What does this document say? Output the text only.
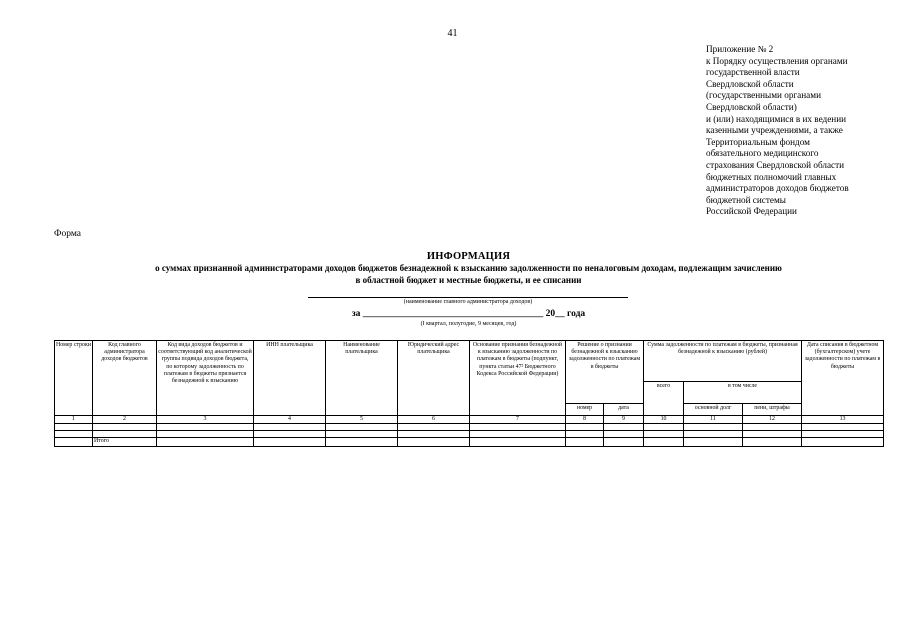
41
Приложение № 2
к Порядку осуществления органами
государственной власти
Свердловской области
(государственными органами
Свердловской области)
и (или) находящимися в их ведении
казенными учреждениями, а также
Территориальным фондом
обязательного медицинского
страхования Свердловской области
бюджетных полномочий главных
администраторов доходов бюджетов
бюджетной системы
Российской Федерации
Форма
ИНФОРМАЦИЯ
о суммах признанной администраторами доходов бюджетов безнадежной к взысканию задолженности по неналоговым доходам, подлежащим зачислению
в областной бюджет и местные бюджеты, и ее списании
(наименование главного администратора доходов)
за ______________________________________ 20__ года
(I квартал, полугодие, 9 месяцев, год)
Номер строки	Код главного администратора доходов бюджетов	Код вида доходов бюджетов и соответствующий код аналитической группы подвида доходов бюджета, по которому задолженность по платежам в бюджеты признается безнадежной к взысканию	ИНН плательщика	Наименование плательщика	Юридический адрес плательщика	Основание признания безнадежной к взысканию задолженности по платежам в бюджеты (подпункт, пункта статьи 47² Бюджетного Кодекса Российской Федерации)	Решение о признании безнадежной к взысканию задолженности по платежам в бюджеты		Сумма задолженности по платежам в бюджеты, признанная безнадежной к взысканию (рублей)			Дата списания в бюджетном (бухгалтерском) учете задолженности по платежам в бюджеты
									всего	в том числе		
							номер	дата		основной долг	пени, штрафы	
1	2	3	4	5	6	7	8	9	10	11	12	13

	Итого											
